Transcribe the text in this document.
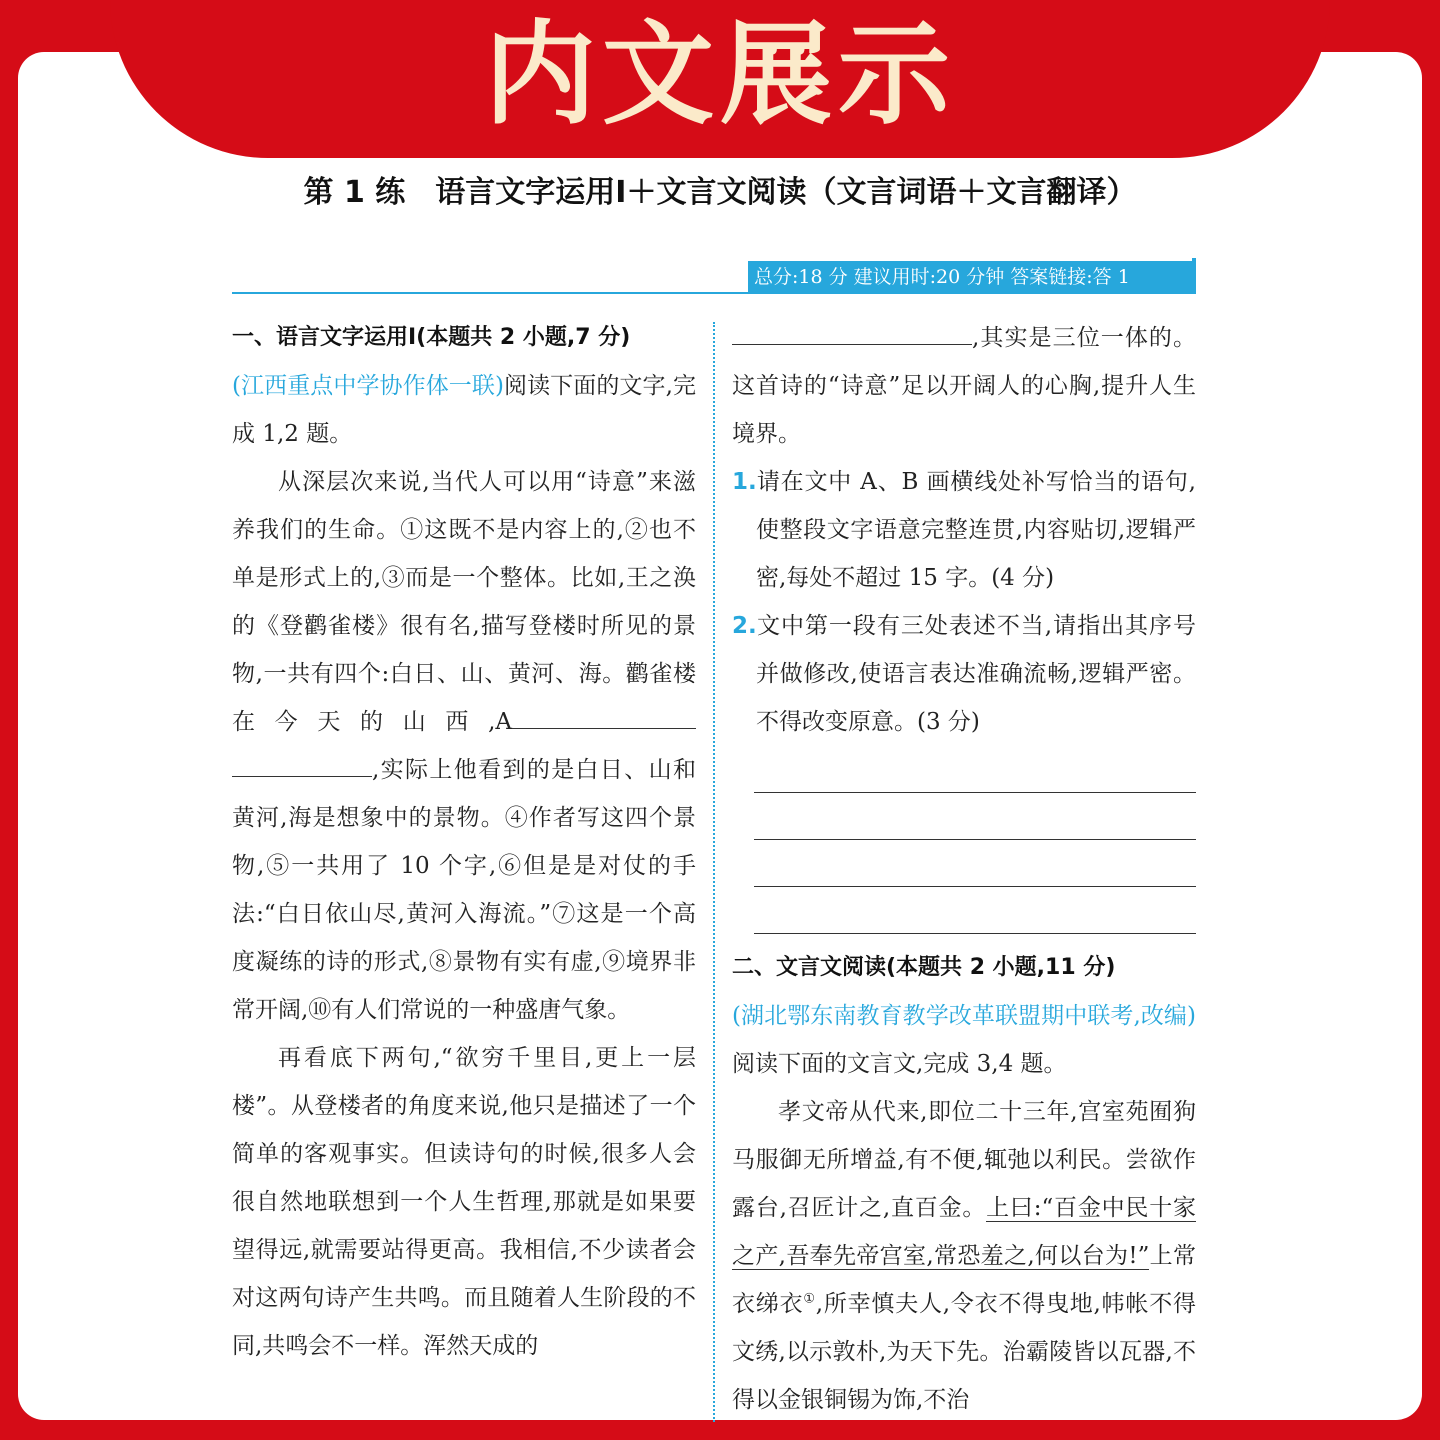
内文展示
第 1 练　语言文字运用Ⅰ＋文言文阅读（文言词语＋文言翻译）
总分:18 分 建议用时:20 分钟 答案链接:答 1

一、语言文字运用Ⅰ(本题共 2 小题,7 分)

(江西重点中学协作体一联)阅读下面的文字,完成 1,2 题。

从深层次来说,当代人可以用“诗意”来滋养我们的生命。①这既不是内容上的,②也不单是形式上的,③而是一个整体。比如,王之涣的《登鹳雀楼》很有名,描写登楼时所见的景物,一共有四个:白日、山、黄河、海。鹳雀楼在今天的山西,A,实际上他看到的是白日、山和黄河,海是想象中的景物。④作者写这四个景物,⑤一共用了 10 个字,⑥但是是对仗的手法:“白日依山尽,黄河入海流。”⑦这是一个高度凝练的诗的形式,⑧景物有实有虚,⑨境界非常开阔,⑩有人们常说的一种盛唐气象。

再看底下两句,“欲穷千里目,更上一层楼”。从登楼者的角度来说,他只是描述了一个简单的客观事实。但读诗句的时候,很多人会很自然地联想到一个人生哲理,那就是如果要望得远,就需要站得更高。我相信,不少读者会对这两句诗产生共鸣。而且随着人生阶段的不同,共鸣会不一样。浑然天成的

,其实是三位一体的。这首诗的“诗意”足以开阔人的心胸,提升人生境界。

1.请在文中 A、B 画横线处补写恰当的语句,使整段文字语意完整连贯,内容贴切,逻辑严密,每处不超过 15 字。(4 分)

2.文中第一段有三处表述不当,请指出其序号并做修改,使语言表达准确流畅,逻辑严密。不得改变原意。(3 分)

二、文言文阅读(本题共 2 小题,11 分)

(湖北鄂东南教育教学改革联盟期中联考,改编)阅读下面的文言文,完成 3,4 题。

孝文帝从代来,即位二十三年,宫室苑囿狗马服御无所增益,有不便,辄弛以利民。尝欲作露台,召匠计之,直百金。上曰:“百金中民十家之产,吾奉先帝宫室,常恐羞之,何以台为!”上常衣绨衣①,所幸慎夫人,令衣不得曳地,帏帐不得文绣,以示敦朴,为天下先。治霸陵皆以瓦器,不得以金银铜锡为饰,不治
